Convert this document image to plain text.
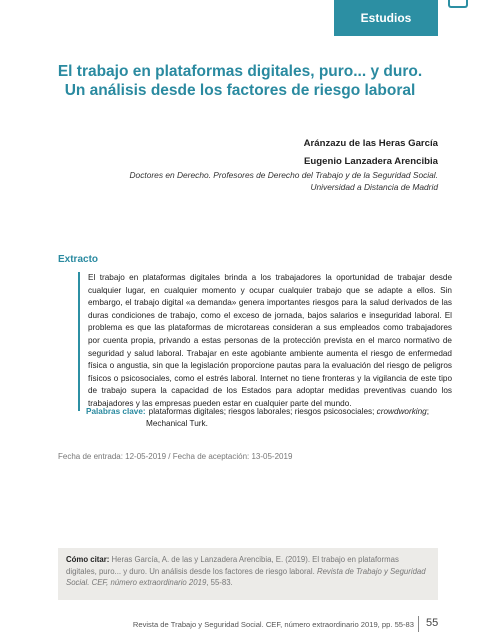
Estudios
El trabajo en plataformas digitales, puro... y duro.
Un análisis desde los factores de riesgo laboral
Aránzazu de las Heras García
Eugenio Lanzadera Arencibia
Doctores en Derecho. Profesores de Derecho del Trabajo y de la Seguridad Social.
Universidad a Distancia de Madrid
Extracto
El trabajo en plataformas digitales brinda a los trabajadores la oportunidad de trabajar desde cualquier lugar, en cualquier momento y ocupar cualquier trabajo que se adapte a ellos. Sin embargo, el trabajo digital «a demanda» genera importantes riesgos para la salud derivados de las duras condiciones de trabajo, como el exceso de jornada, bajos salarios e inseguridad laboral. El problema es que las plataformas de microtareas consideran a sus empleados como trabajadores por cuenta propia, privando a estas personas de la protección prevista en el marco normativo de seguridad y salud laboral. Trabajar en este agobiante ambiente aumenta el riesgo de enfermedad física o angustia, sin que la legislación proporcione pautas para la evaluación del riesgo de peligros físicos o psicosociales, como el estrés laboral. Internet no tiene fronteras y la vigilancia de este tipo de trabajo supera la capacidad de los Estados para adoptar medidas preventivas cuando los trabajadores y las empresas pueden estar en cualquier parte del mundo.
Palabras clave: plataformas digitales; riesgos laborales; riesgos psicosociales; crowdworking;
Mechanical Turk.
Fecha de entrada: 12-05-2019 / Fecha de aceptación: 13-05-2019
Cómo citar: Heras García, A. de las y Lanzadera Arencibia, E. (2019). El trabajo en plataformas digitales, puro... y duro. Un análisis desde los factores de riesgo laboral. Revista de Trabajo y Seguridad Social. CEF, número extraordinario 2019, 55-83.
Revista de Trabajo y Seguridad Social. CEF, número extraordinario 2019, pp. 55-83 55
